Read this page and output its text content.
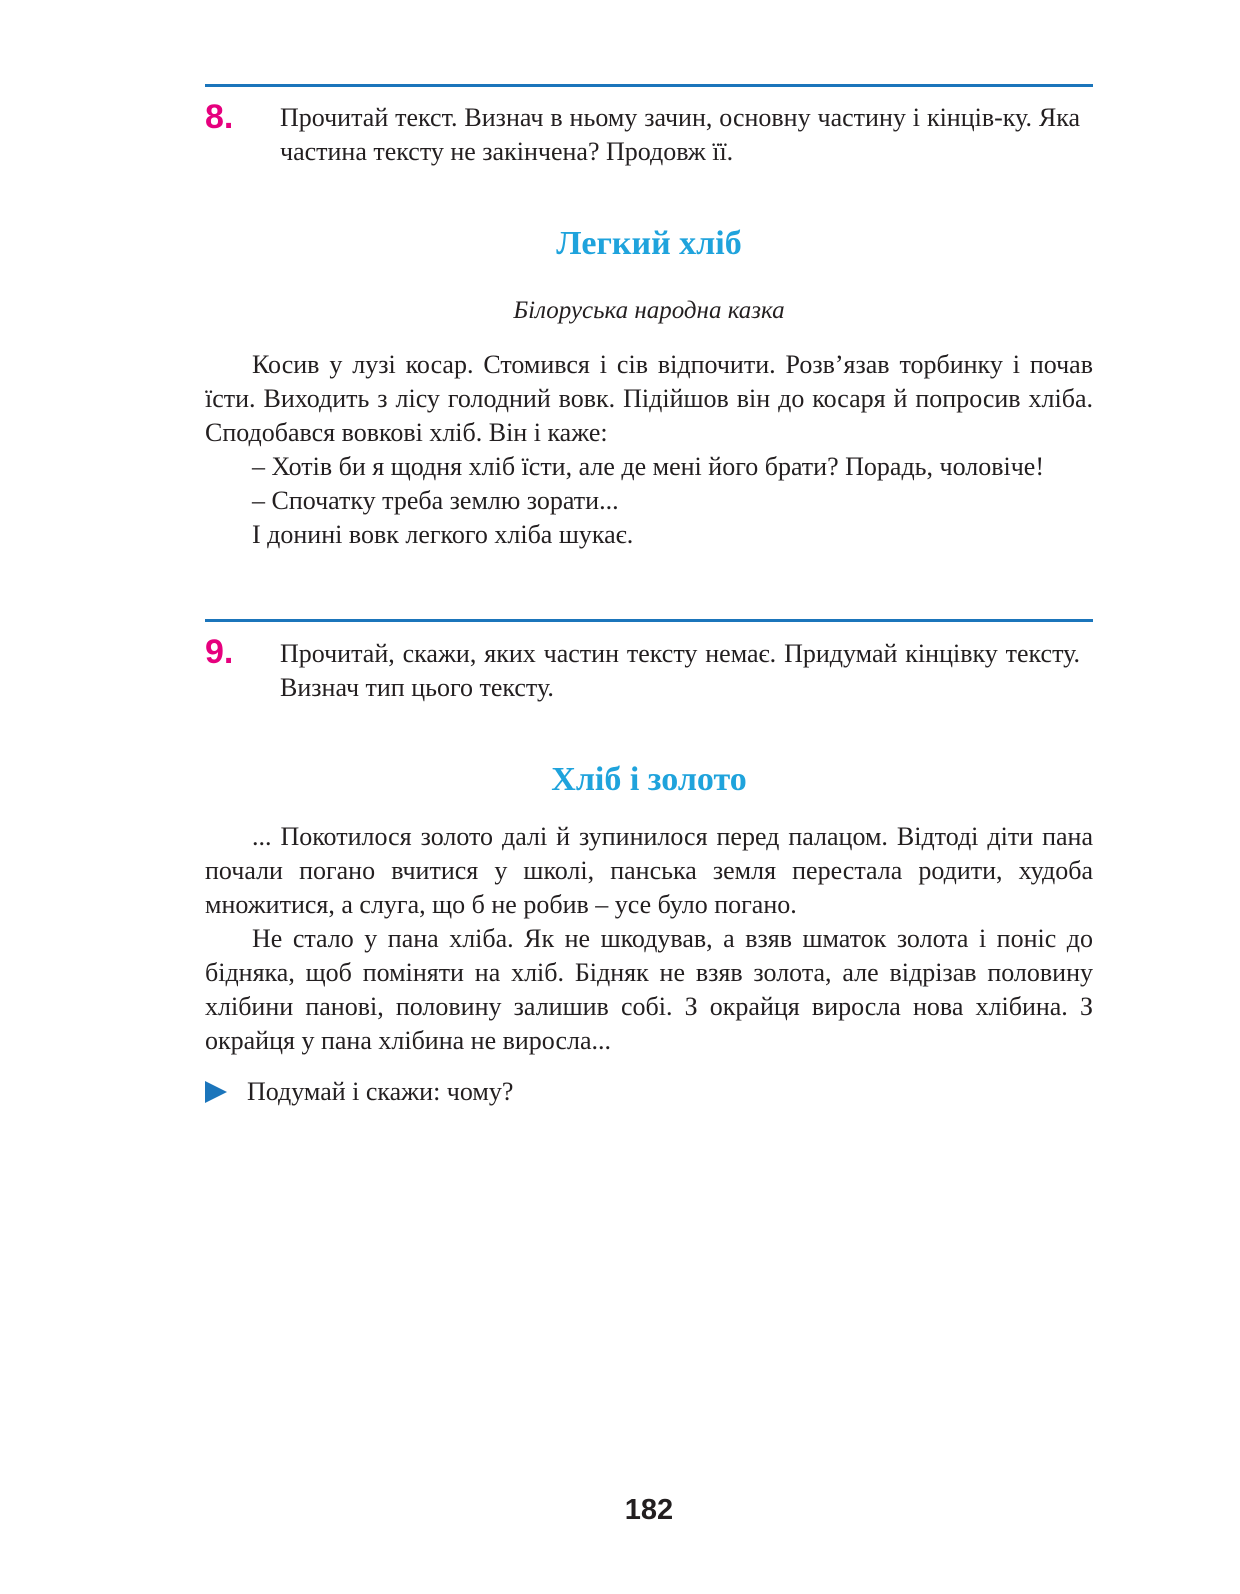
8. Прочитай текст. Визнач в ньому зачин, основну частину і кінців-ку. Яка частина тексту не закінчена? Продовж її.
Легкий хліб
Білоруська народна казка

Косив у лузі косар. Стомився і сів відпочити. Розв’язав торбинку і почав їсти. Виходить з лісу голодний вовк. Підійшов він до косаря й попросив хліба. Сподобався вовкові хліб. Він і каже:

– Хотів би я щодня хліб їсти, але де мені його брати? Порадь, чоловіче!

– Спочатку треба землю зорати...

І донині вовк легкого хліба шукає.

9. Прочитай, скажи, яких частин тексту немає. Придумай кінцівку тексту. Визнач тип цього тексту.
Хліб і золото

... Покотилося золото далі й зупинилося перед палацом. Відтоді діти пана почали погано вчитися у школі, панська земля перестала родити, худоба множитися, а слуга, що б не робив – усе було погано.

Не стало у пана хліба. Як не шкодував, а взяв шматок золота і поніс до бідняка, щоб поміняти на хліб. Бідняк не взяв золота, але відрізав половину хлібини панові, половину залишив собі. З окрайця виросла нова хлібина. З окрайця у пана хлібина не виросла...

Подумай і скажи: чому?
182
